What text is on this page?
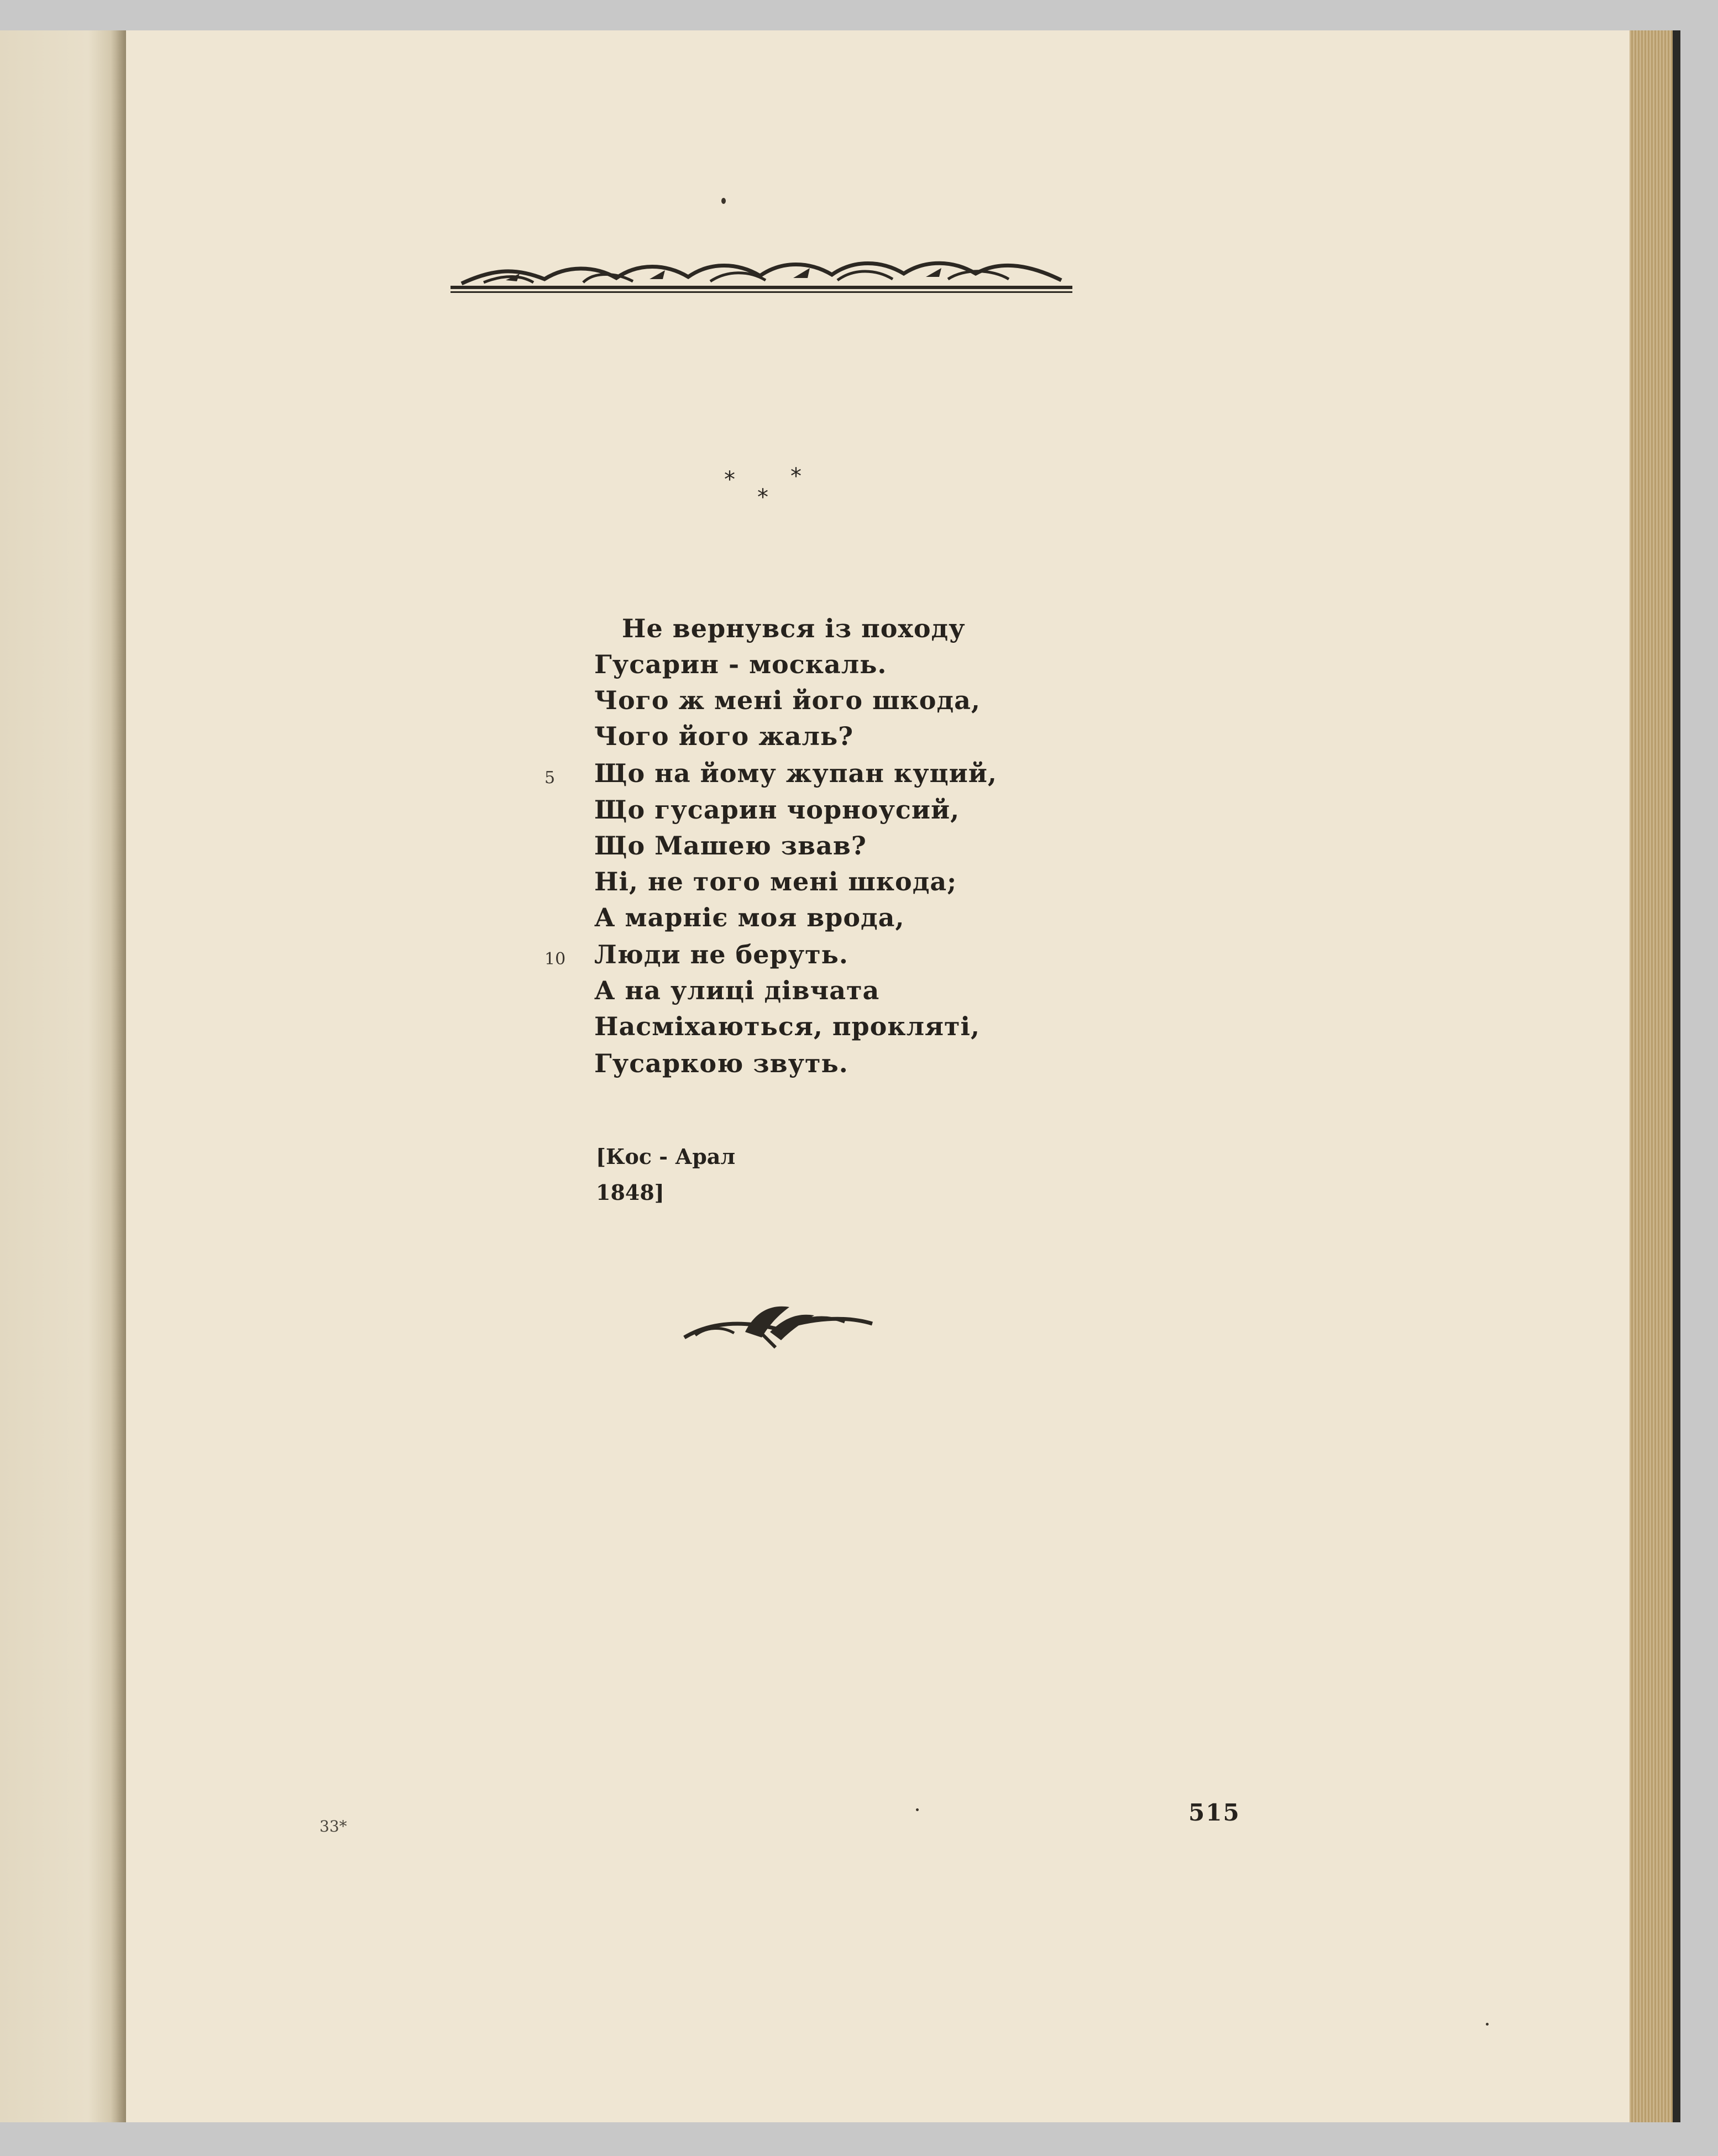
*	*
*
Не вернувся із походу
Гусарин - москаль.
Чого ж мені його шкода,
Чого його жаль?
Що на йому жупан куций,
Що гусарин чорноусий,
Що Машею звав?
Ні, не того мені шкода;
А марніє моя врода,
Люди не беруть.
А на улиці дівчата
Насміхаються, прокляті,
Гусаркою звуть.
5
10
[Кос - Арал
1848]
33*
515
